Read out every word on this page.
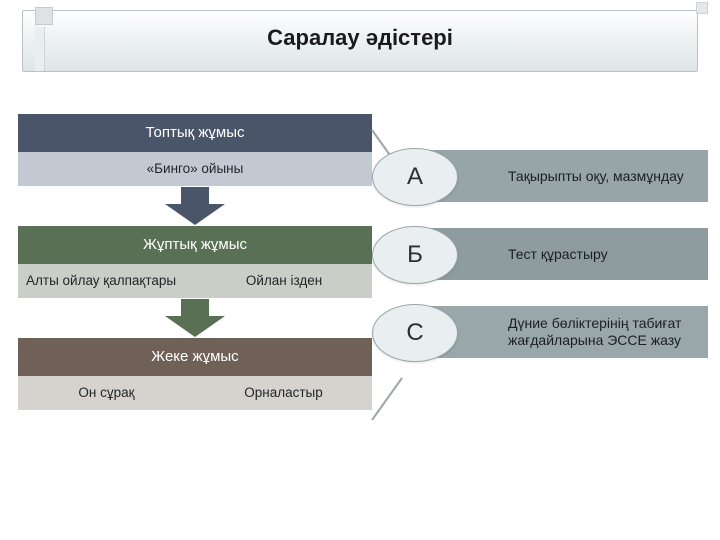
Саралау әдістері
Топтық жұмыс
«Бинго» ойыны
Жұптық жұмыс
Алты ойлау қалпақтары	Ойлан ізден
Жеке жұмыс
Он сұрақ	Орналастыр
Тақырыпты оқу, мазмұндау
А
Тест құрастыру
Б
Дүние бөліктерінің табиғат жағдайларына ЭССЕ жазу
С
